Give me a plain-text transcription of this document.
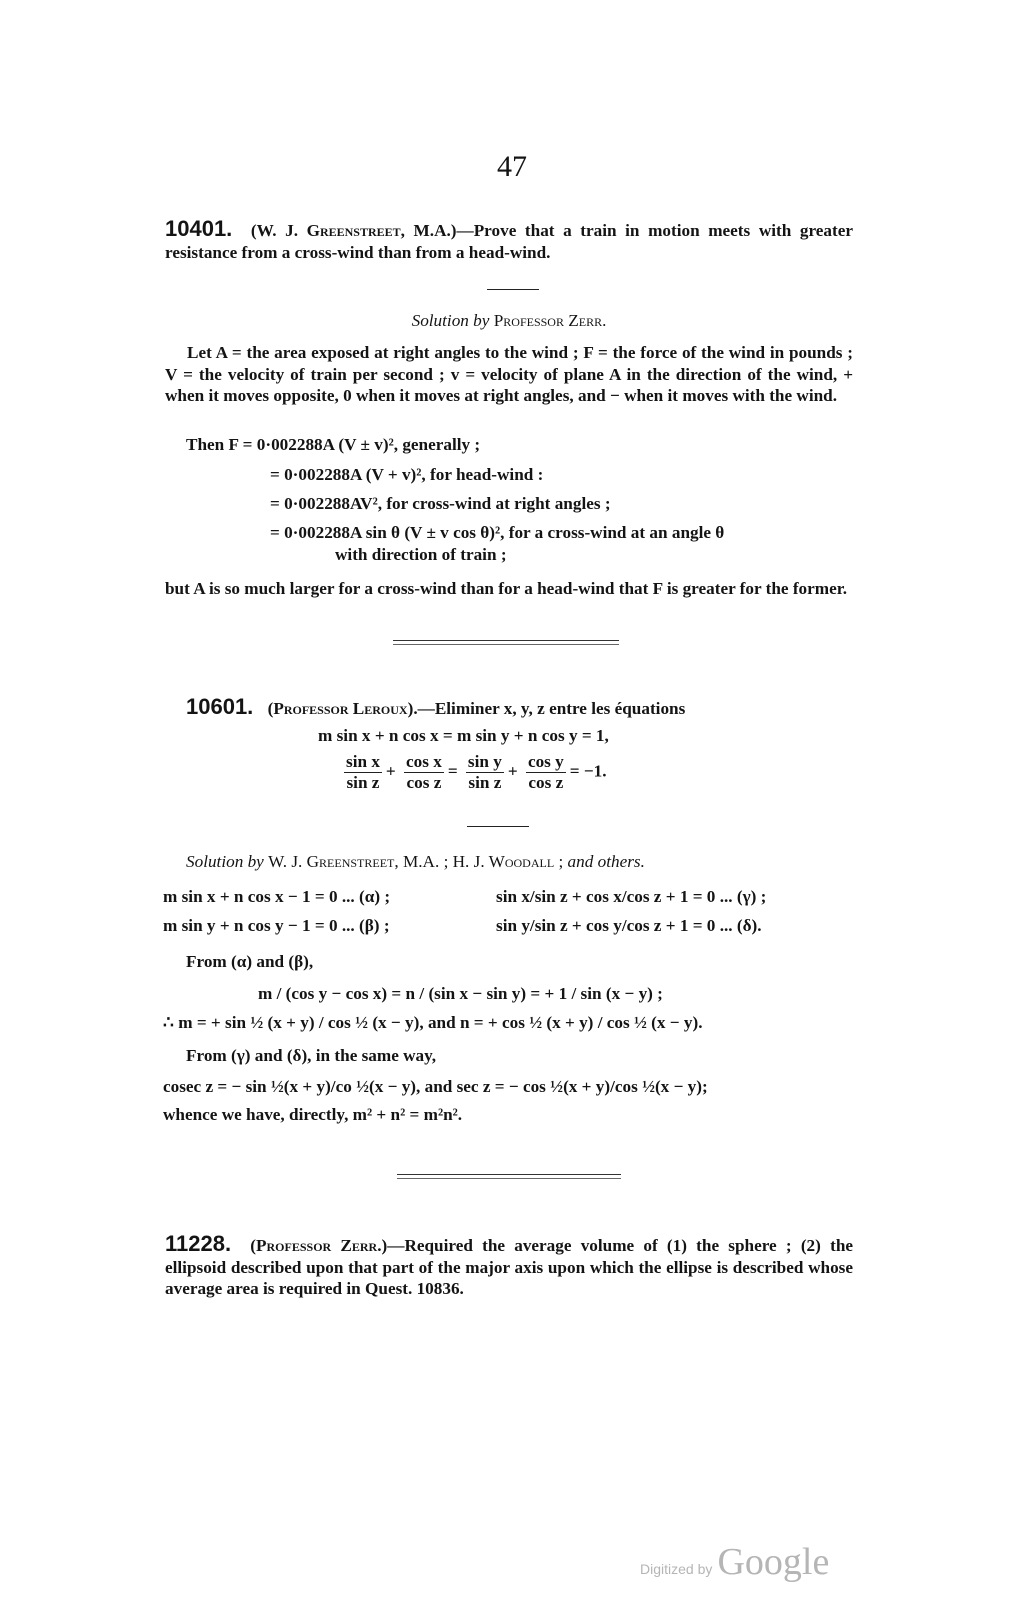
47
10401. (W. J. Greenstreet, M.A.)—Prove that a train in motion meets with greater resistance from a cross-wind than from a head-wind.
Solution by Professor Zerr.
Let A = the area exposed at right angles to the wind ; F = the force of the wind in pounds ; V = the velocity of train per second ; v = velocity of plane A in the direction of the wind, + when it moves opposite, 0 when it moves at right angles, and − when it moves with the wind.
Then F = 0·002288A (V ± v)², generally ;
= 0·002288A (V + v)², for head-wind :
= 0·002288AV², for cross-wind at right angles ;
= 0·002288A sin θ (V ± v cos θ)², for a cross-wind at an angle θ
with direction of train ;
but A is so much larger for a cross-wind than for a head-wind that F is greater for the former.
10601. (Professor Leroux).—Eliminer x, y, z entre les équations
m sin x + n cos x = m sin y + n cos y = 1,
$\frac{\text{sin x}}{\text{sin z}} + \frac{\text{cos x}}{\text{cos z}} = \frac{\text{sin y}}{\text{sin z}} + \frac{\text{cos y}}{\text{cos z}} = -1$.
Solution by W. J. Greenstreet, M.A. ; H. J. Woodall ; and others.
m sin x + n cos x − 1 = 0 ... (α) ;	sin x/sin z + cos x/cos z + 1 = 0 ... (γ) ;
m sin y + n cos y − 1 = 0 ... (β) ;	sin y/sin z + cos y/cos z + 1 = 0 ... (δ).
From (α) and (β),
m / (cos y − cos x) = n / (sin x − sin y) = + 1 / sin (x − y) ;
∴ m = + sin ½ (x + y) / cos ½ (x − y), and n = + cos ½ (x + y) / cos ½ (x − y).
From (γ) and (δ), in the same way,
cosec z = − sin ½(x + y)/co ½(x − y), and sec z = − cos ½(x + y)/cos ½(x − y);
whence we have, directly, m² + n² = m²n².
11228. (Professor Zerr.)—Required the average volume of (1) the sphere ; (2) the ellipsoid described upon that part of the major axis upon which the ellipse is described whose average area is required in Quest. 10836.
Digitized by Google
